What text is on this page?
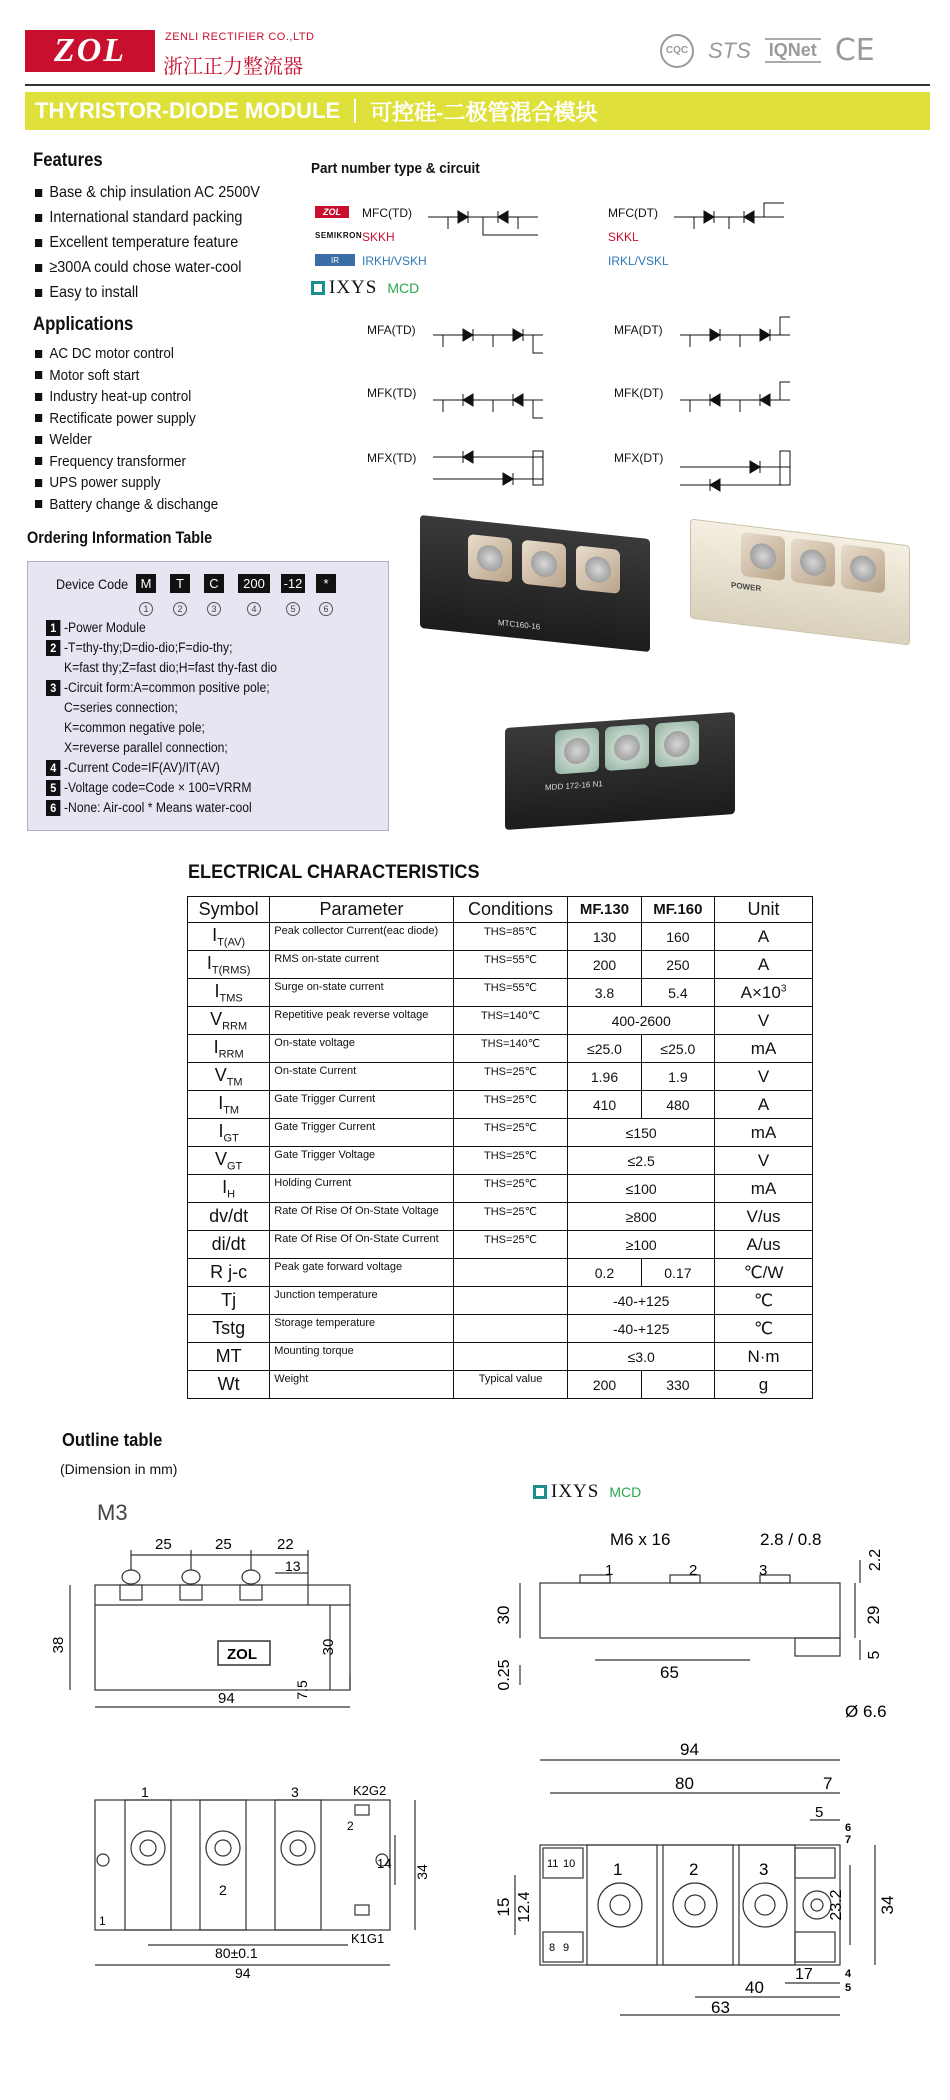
ZOL	ZENLI RECTIFIER CO.,LTD
浙江正力整流器
CQC STS IQNet CE
THYRISTOR-DIODE MODULE 可控硅-二极管混合模块
Features
Base & chip insulation AC 2500V
International standard packing
Excellent temperature feature
≥300A could chose water-cool
Easy to install
Applications
AC DC motor control
Motor soft start
Industry heat-up control
Rectificate power supply
Welder
Frequency transformer
UPS power supply
Battery change & dischange
Ordering Information Table
Device Code M	T	C	200	-12	*
1	2	3	4	5	6
1 -Power Module
2 -T=thy-thy;D=dio-dio;F=dio-thy;
K=fast thy;Z=fast dio;H=fast thy-fast dio
3 -Circuit form:A=common positive pole;
C=series connection;
K=common negative pole;
X=reverse parallel connection;
4 -Current Code=IF(AV)/IT(AV)
5 -Voltage code=Code × 100=VRRM
6 -None: Air-cool * Means water-cool
Part number type & circuit
ZOL
SEMIKRON
IR
SKKH
IRKH/VSKH
SKKL
IRKL/VSKL
IXYS MCD
MFC(TD)	MFC(DT)
MFA(TD)	MFA(DT)
MFK(TD)	MFK(DT)
MFX(TD)	MFX(DT)
MTC160-16
POWER
MDD 172-16 N1
ELECTRICAL CHARACTERISTICS
Symbol	Parameter	Conditions	MF.130	MF.160	Unit
$I_{T(AV)}$	Peak collector Current(eac diode)	THS=85℃	130	160	A
$I_{T(RMS)}$	RMS on-state current	THS=55℃	200	250	A
$I_{TMS}$	Surge on-state current	THS=55℃	3.8	5.4	$A\times 10^3$
$V_{RRM}$	Repetitive peak reverse voltage	THS=140℃	400-2600		V
$I_{RRM}$	On-state voltage	THS=140℃	≤25.0	≤25.0	mA
$V_{TM}$	On-state Current	THS=25℃	1.96	1.9	V
$I_{TM}$	Gate Trigger Current	THS=25℃	410	480	A
$I_{GT}$	Gate Trigger Current	THS=25℃	≤150		mA
$V_{GT}$	Gate Trigger Voltage	THS=25℃	≤2.5		V
$I_H$	Holding Current	THS=25℃	≤100		mA
dv/dt	Rate Of Rise Of On-State Voltage	THS=25℃	≥800		V/us
di/dt	Rate Of Rise Of On-State Current	THS=25℃	≥100		A/us
R j-c	Peak gate forward voltage		0.2	0.17	℃/W
Tj	Junction temperature		-40-+125		℃
Tstg	Storage temperature		-40-+125		℃
MT	Mounting torque		≤3.0		N·m
Wt	Weight	Typical value	200	330	g
Outline table
(Dimension in mm)
M3
IXYS MCD
25	25	22
13
38	30
7.5
94
ZOL
1
2
3
1
2
K2G2
K1G1
14
34
80±0.1
94
M6 x 16	2.8 / 0.8
2.2
30	29
5
0.25	65
Ø 6.6
1	2	3
94
80	7
5
6
7
15 12.4	23.2 34
17
40
63
4
5
1	2	3
11 10
8 9
